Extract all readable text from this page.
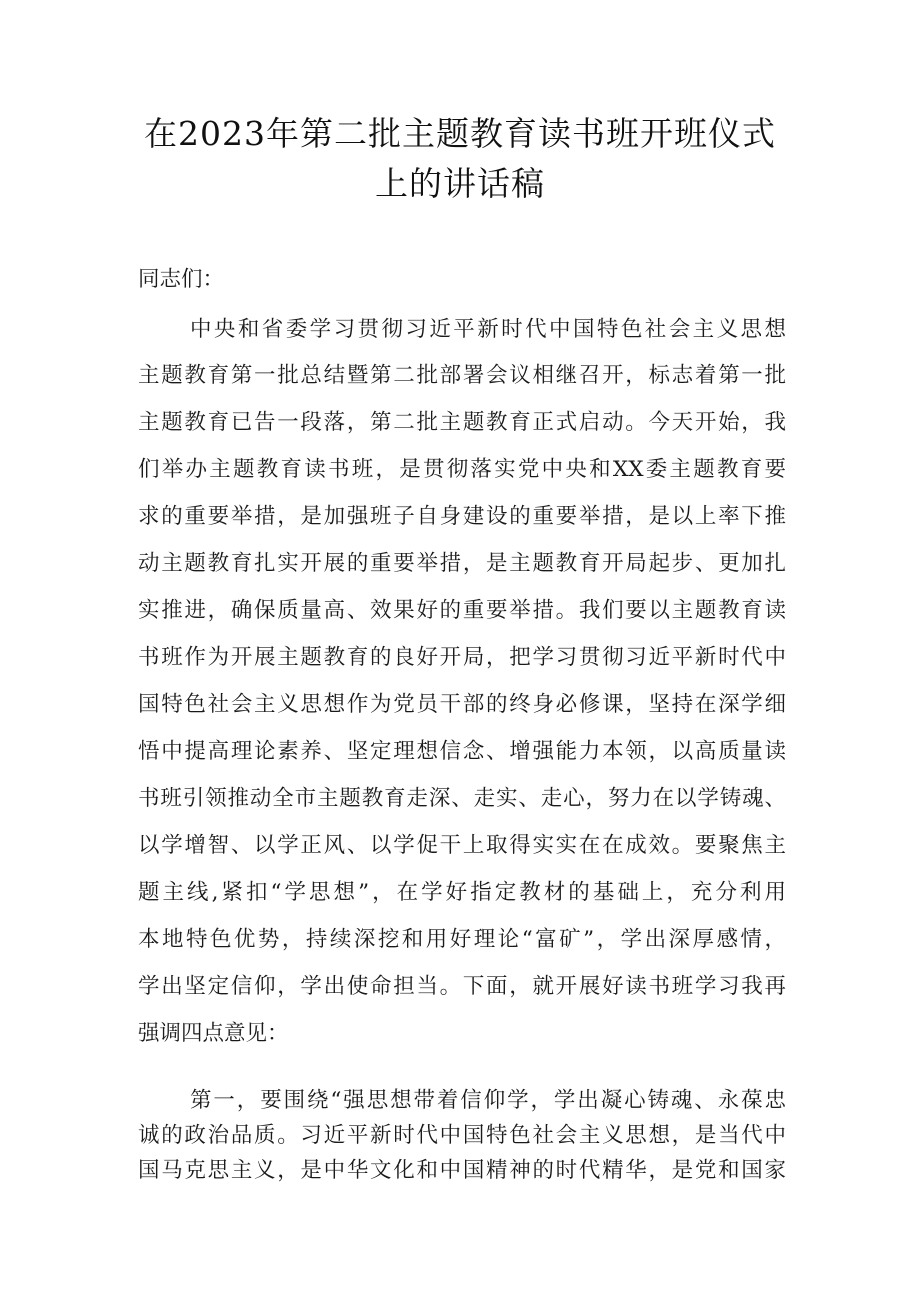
在2023年第二批主题教育读书班开班仪式
上的讲话稿
同志们：
中央和省委学习贯彻习近平新时代中国特色社会主义思想
主题教育第一批总结暨第二批部署会议相继召开，标志着第一批
主题教育已告一段落，第二批主题教育正式启动。今天开始，我
们举办主题教育读书班，是贯彻落实党中央和XX委主题教育要
求的重要举措，是加强班子自身建设的重要举措，是以上率下推
动主题教育扎实开展的重要举措，是主题教育开局起步、更加扎
实推进，确保质量高、效果好的重要举措。我们要以主题教育读
书班作为开展主题教育的良好开局，把学习贯彻习近平新时代中
国特色社会主义思想作为党员干部的终身必修课，坚持在深学细
悟中提高理论素养、坚定理想信念、增强能力本领，以高质量读
书班引领推动全市主题教育走深、走实、走心，努力在以学铸魂、
以学增智、以学正风、以学促干上取得实实在在成效。要聚焦主
题主线,紧扣“学思想”，在学好指定教材的基础上，充分利用
本地特色优势，持续深挖和用好理论“富矿”，学出深厚感情，
学出坚定信仰，学出使命担当。下面，就开展好读书班学习我再
强调四点意见：
第一，要围绕“强思想带着信仰学，学出凝心铸魂、永葆忠
诚的政治品质。习近平新时代中国特色社会主义思想，是当代中
国马克思主义，是中华文化和中国精神的时代精华，是党和国家
